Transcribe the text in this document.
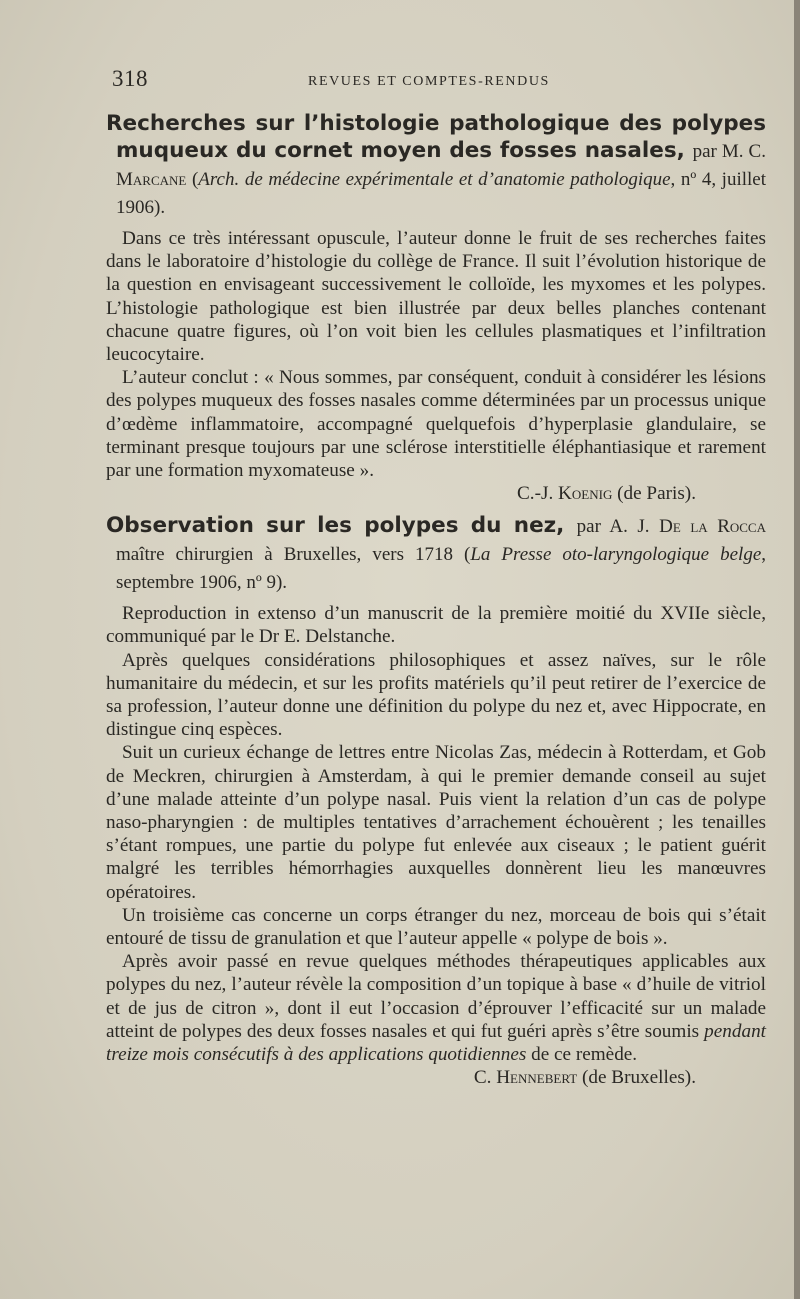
318	REVUES ET COMPTES-RENDUS

Recherches sur l’histologie pathologique des polypes muqueux du cornet moyen des fosses nasales, par M. C. Marcane (Arch. de médecine expérimentale et d’anatomie pathologique, nº 4, juillet 1906).

Dans ce très intéressant opuscule, l’auteur donne le fruit de ses recherches faites dans le laboratoire d’histologie du collège de France. Il suit l’évolution historique de la question en envisageant successivement le colloïde, les myxomes et les polypes. L’histologie pathologique est bien illustrée par deux belles planches contenant chacune quatre figures, où l’on voit bien les cellules plasmatiques et l’infiltration leucocytaire.

L’auteur conclut : « Nous sommes, par conséquent, conduit à considérer les lésions des polypes muqueux des fosses nasales comme déterminées par un processus unique d’œdème inflammatoire, accompagné quelquefois d’hyperplasie glandulaire, se terminant presque toujours par une sclérose interstitielle éléphantiasique et rarement par une formation myxomateuse ».

C.-J. Koenig (de Paris).

Observation sur les polypes du nez, par A. J. De la Rocca maître chirurgien à Bruxelles, vers 1718 (La Presse oto-laryngologique belge, septembre 1906, nº 9).

Reproduction in extenso d’un manuscrit de la première moitié du XVIIe siècle, communiqué par le Dr E. Delstanche.

Après quelques considérations philosophiques et assez naïves, sur le rôle humanitaire du médecin, et sur les profits matériels qu’il peut retirer de l’exercice de sa profession, l’auteur donne une définition du polype du nez et, avec Hippocrate, en distingue cinq espèces.

Suit un curieux échange de lettres entre Nicolas Zas, médecin à Rotterdam, et Gob de Meckren, chirurgien à Amsterdam, à qui le premier demande conseil au sujet d’une malade atteinte d’un polype nasal. Puis vient la relation d’un cas de polype naso-pharyngien : de multiples tentatives d’arrachement échouèrent ; les tenailles s’étant rompues, une partie du polype fut enlevée aux ciseaux ; le patient guérit malgré les terribles hémorrhagies auxquelles donnèrent lieu les manœuvres opératoires.

Un troisième cas concerne un corps étranger du nez, morceau de bois qui s’était entouré de tissu de granulation et que l’auteur appelle « polype de bois ».

Après avoir passé en revue quelques méthodes thérapeutiques applicables aux polypes du nez, l’auteur révèle la composition d’un topique à base « d’huile de vitriol et de jus de citron », dont il eut l’occasion d’éprouver l’efficacité sur un malade atteint de polypes des deux fosses nasales et qui fut guéri après s’être soumis pendant treize mois consécutifs à des applications quotidiennes de ce remède.

C. Hennebert (de Bruxelles).
